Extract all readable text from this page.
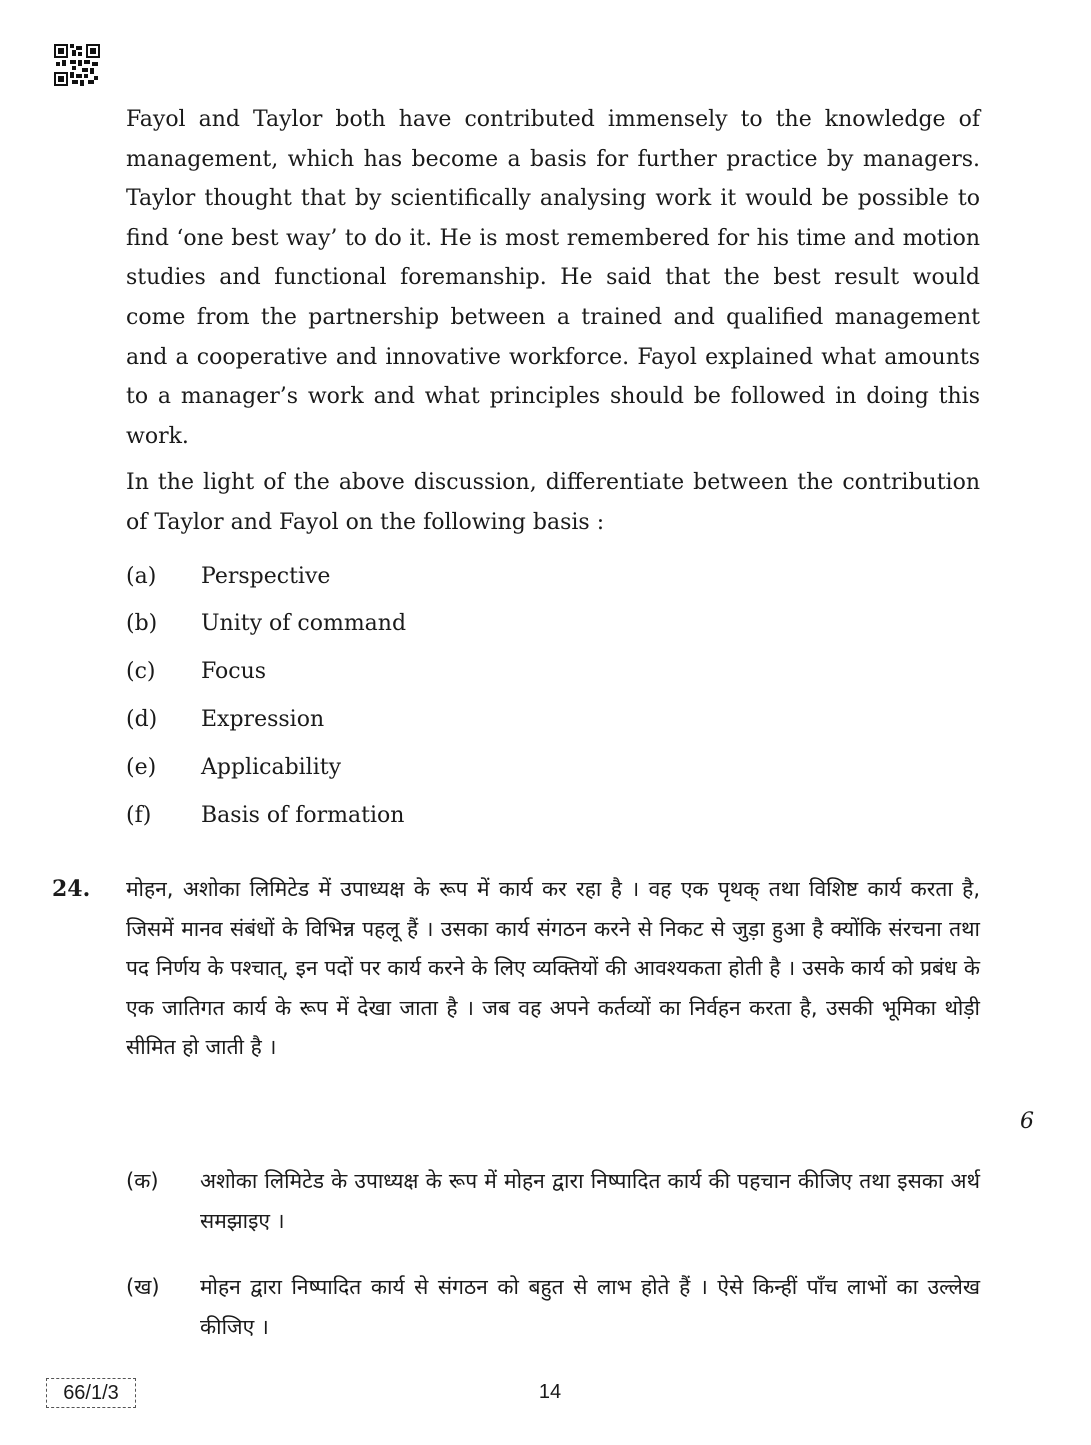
Fayol and Taylor both have contributed immensely to the knowledge of management, which has become a basis for further practice by managers. Taylor thought that by scientifically analysing work it would be possible to find ‘one best way’ to do it. He is most remembered for his time and motion studies and functional foremanship. He said that the best result would come from the partnership between a trained and qualified management and a cooperative and innovative workforce. Fayol explained what amounts to a manager’s work and what principles should be followed in doing this work.

In the light of the above discussion, differentiate between the contribution of Taylor and Fayol on the following basis :

(a)	Perspective
(b)	Unity of command
(c)	Focus
(d)	Expression
(e)	Applicability
(f)	Basis of formation
24. मोहन, अशोका लिमिटेड में उपाध्यक्ष के रूप में कार्य कर रहा है । वह एक पृथक् तथा विशिष्ट कार्य करता है, जिसमें मानव संबंधों के विभिन्न पहलू हैं । उसका कार्य संगठन करने से निकट से जुड़ा हुआ है क्योंकि संरचना तथा पद निर्णय के पश्चात्, इन पदों पर कार्य करने के लिए व्यक्तियों की आवश्यकता होती है । उसके कार्य को प्रबंध के एक जातिगत कार्य के रूप में देखा जाता है । जब वह अपने कर्तव्यों का निर्वहन करता है, उसकी भूमिका थोड़ी सीमित हो जाती है ।

6
(क)	अशोका लिमिटेड के उपाध्यक्ष के रूप में मोहन द्वारा निष्पादित कार्य की पहचान कीजिए तथा इसका अर्थ समझाइए ।
(ख)	मोहन द्वारा निष्पादित कार्य से संगठन को बहुत से लाभ होते हैं । ऐसे किन्हीं पाँच लाभों का उल्लेख कीजिए ।
66/1/3	14
